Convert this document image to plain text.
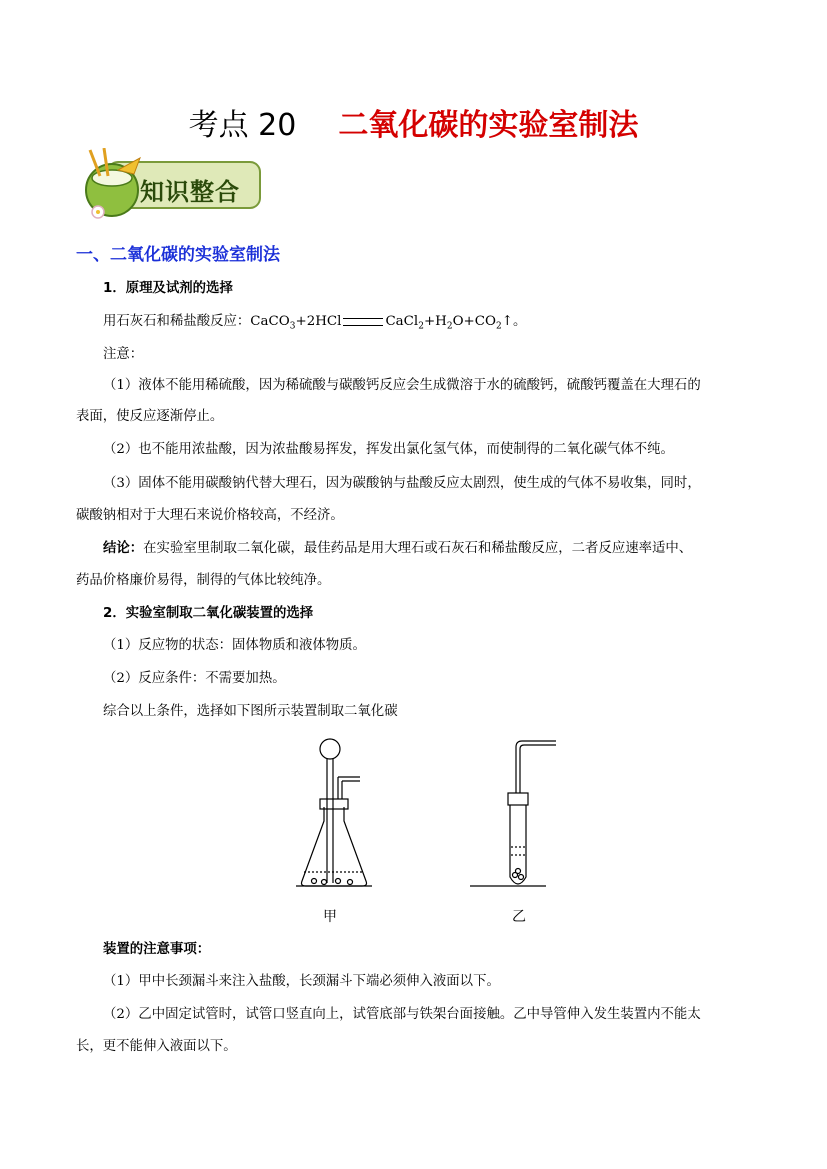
考点 20 二氧化碳的实验室制法
知识整合
一、二氧化碳的实验室制法
1．原理及试剂的选择
用石灰石和稀盐酸反应：CaCO$_3$+2HCl	$CaCl_2+H_2O+CO_2↑$。
注意：
（1）液体不能用稀硫酸，因为稀硫酸与碳酸钙反应会生成微溶于水的硫酸钙，硫酸钙覆盖在大理石的
表面，使反应逐渐停止。
（2）也不能用浓盐酸，因为浓盐酸易挥发，挥发出氯化氢气体，而使制得的二氧化碳气体不纯。
（3）固体不能用碳酸钠代替大理石，因为碳酸钠与盐酸反应太剧烈，使生成的气体不易收集，同时，
碳酸钠相对于大理石来说价格较高，不经济。
结论：在实验室里制取二氧化碳，最佳药品是用大理石或石灰石和稀盐酸反应，二者反应速率适中、
药品价格廉价易得，制得的气体比较纯净。
2．实验室制取二氧化碳装置的选择
（1）反应物的状态：固体物质和液体物质。
（2）反应条件：不需要加热。
综合以上条件，选择如下图所示装置制取二氧化碳
甲	乙
装置的注意事项：
（1）甲中长颈漏斗来注入盐酸，长颈漏斗下端必须伸入液面以下。
（2）乙中固定试管时，试管口竖直向上，试管底部与铁架台面接触。乙中导管伸入发生装置内不能太
长，更不能伸入液面以下。
